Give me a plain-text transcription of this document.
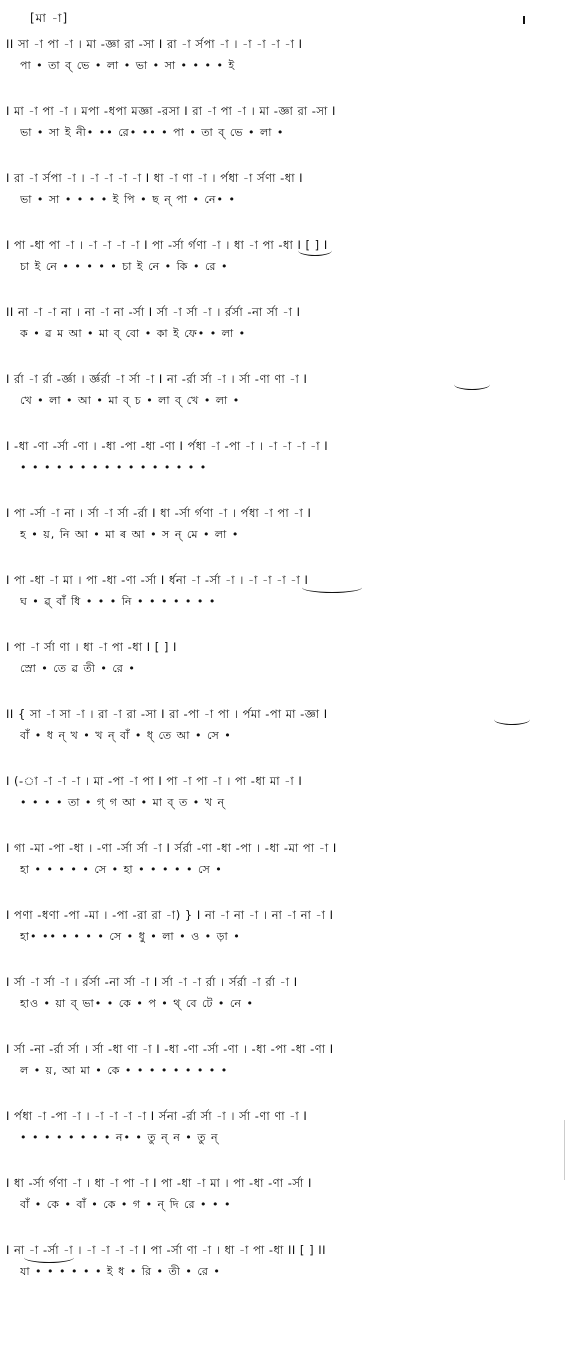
[মা -া]
II সা -া পা -া । মা -জ্ঞা রা -সা I রা -া ৰ্সপা -া । -া -া -া -া I
পা • তা ব্ ভে • লা • ভা • সা • • • • ই
I মা -া পা -া । মপা -ধপা মজ্ঞা -রসা I রা -া পা -া । মা -জ্ঞা রা -সা I
ভা • সা ই নী• •• রে• •• • পা • তা ব্ ভে • লা •
I রা -া ৰ্সপা -া । -া -া -া -া I ধা -া ণা -া । ৰ্পধা -া ৰ্সণা -ধা I
ভা • সা • • • • ই পি • ছ ন্ পা • নে• •
I পা -ধা পা -া । -া -া -া -া I পা -ৰ্সা ৰ্গণা -া । ধা -া পা -ধা I [ ] I
চা ই নে • • • • • চা ই নে • কি • রে •
II না -া -া না । না -া না -ৰ্সা I ৰ্সা -া ৰ্সা -া । ৰ্রৰ্সা -না ৰ্সা -া I
ক • ৱ ম আ • মা ব্ বো • কা ই ফে• • লা •
I ৰ্রা -া ৰ্রা -ৰ্জ্ঞা । ৰ্জ্ঞৰ্রা -া ৰ্সা -া I না -ৰ্রা ৰ্সা -া । ৰ্সা -ণা ণা -া I
খে • লা • আ • মা ব্ চ • লা ব্ খে • লা •
I -ধা -ণা -ৰ্সা -ণা । -ধা -পা -ধা -ণা I ৰ্পধা -া -পা -া । -া -া -া -া I
• • • • • • • • • • • • • • • •
I পা -ৰ্সা -া না । ৰ্সা -া ৰ্সা -ৰ্রা I ধা -ৰ্সা ৰ্গণা -া । ৰ্পধা -া পা -া I
হ • য়, নি আ • মা ৰ আ • স ন্ মে • লা •
I পা -ধা -া মা । পা -ধা -ণা -ৰ্সা I ৰ্ধনা -া -ৰ্সা -া । -া -া -া -া I
ঘ • ৱ্ বাঁ ধি • • • নি • • • • • • •
I পা -া ৰ্সা ণা । ধা -া পা -ধা I [ ] I
স্রো • তে ৱ তী • রে •
II { সা -া সা -া । রা -া রা -সা I রা -পা -া পা । ৰ্পমা -পা মা -জ্ঞা I
বাঁ • ধ ন্ খ • খ ন্ বাঁ • ধ্ তে আ • সে •
I (-া -া -া -া । মা -পা -া পা I পা -া পা -া । পা -ধা মা -া I
• • • • তা • গ্ গ আ • মা ব্ ত • খ ন্
I গা -মা -পা -ধা । -ণা -ৰ্সা ৰ্সা -া I ৰ্সৰ্রা -ণা -ধা -পা । -ধা -মা পা -া I
হা • • • • • সে • হা • • • • • সে •
I পণা -ধণা -পা -মা । -পা -রা রা -া) } I না -া না -া । না -া না -া I
হা• •• • • • • সে • ধু • লা • ও • ড়া •
I ৰ্সা -া ৰ্সা -া । ৰ্রৰ্সা -না ৰ্সা -া I ৰ্সা -া -া ৰ্রা । ৰ্সৰ্রা -া ৰ্রা -া I
হাও • য়া ব্ ভা• • কে • প • থ্ বে টে • নে •
I ৰ্সা -না -ৰ্রা ৰ্সা । ৰ্সা -ধা ণা -া I -ধা -ণা -ৰ্সা -ণা । -ধা -পা -ধা -ণা I
ল • য়, আ মা • কে • • • • • • • • •
I ৰ্পধা -া -পা -া । -া -া -া -া I ৰ্সনা -ৰ্রা ৰ্সা -া । ৰ্সা -ণা ণা -া I
• • • • • • • • ন• • তু ন্ ন • তু ন্
I ধা -ৰ্সা ৰ্গণা -া । ধা -া পা -া I পা -ধা -া মা । পা -ধা -ণা -ৰ্সা I
বাঁ • কে • বাঁ • কে • গ • ন্ দি রে • • •
I না -া -ৰ্সা -া । -া -া -া -া I পা -ৰ্সা ণা -া । ধা -া পা -ধা II [ ] II
যা • • • • • • ই ধ • রি • তী • রে •
